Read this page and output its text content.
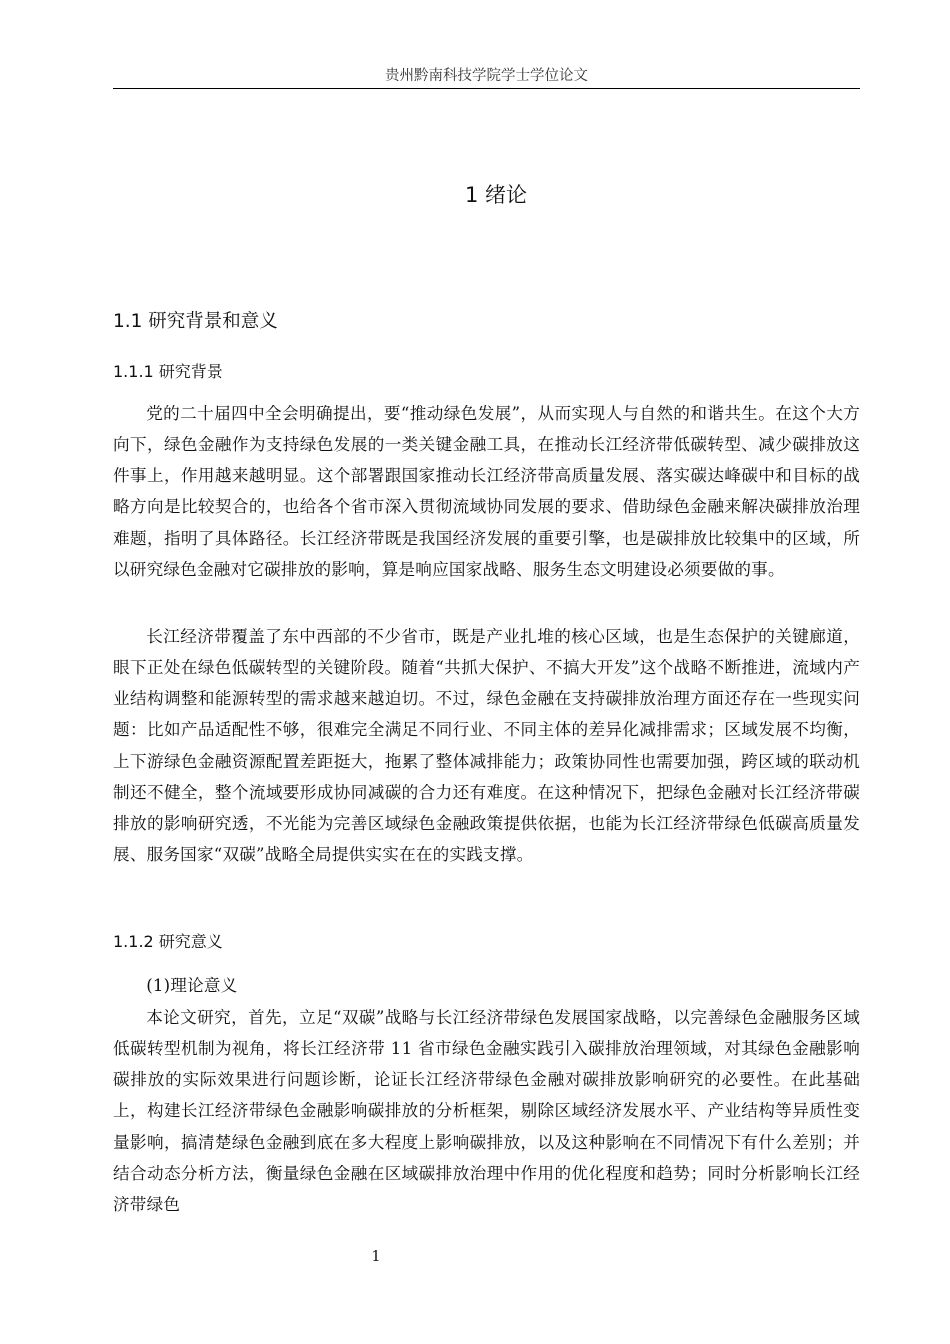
贵州黔南科技学院学士学位论文
1 绪论
1.1 研究背景和意义
1.1.1 研究背景

党的二十届四中全会明确提出，要“推动绿色发展”，从而实现人与自然的和谐共生。在这个大方向下，绿色金融作为支持绿色发展的一类关键金融工具，在推动长江经济带低碳转型、减少碳排放这件事上，作用越来越明显。这个部署跟国家推动长江经济带高质量发展、落实碳达峰碳中和目标的战略方向是比较契合的，也给各个省市深入贯彻流域协同发展的要求、借助绿色金融来解决碳排放治理难题，指明了具体路径。长江经济带既是我国经济发展的重要引擎，也是碳排放比较集中的区域，所以研究绿色金融对它碳排放的影响，算是响应国家战略、服务生态文明建设必须要做的事。

长江经济带覆盖了东中西部的不少省市，既是产业扎堆的核心区域，也是生态保护的关键廊道，眼下正处在绿色低碳转型的关键阶段。随着“共抓大保护、不搞大开发”这个战略不断推进，流域内产业结构调整和能源转型的需求越来越迫切。不过，绿色金融在支持碳排放治理方面还存在一些现实问题：比如产品适配性不够，很难完全满足不同行业、不同主体的差异化减排需求；区域发展不均衡，上下游绿色金融资源配置差距挺大，拖累了整体减排能力；政策协同性也需要加强，跨区域的联动机制还不健全，整个流域要形成协同减碳的合力还有难度。在这种情况下，把绿色金融对长江经济带碳排放的影响研究透，不光能为完善区域绿色金融政策提供依据，也能为长江经济带绿色低碳高质量发展、服务国家“双碳”战略全局提供实实在在的实践支撑。

1.1.2 研究意义

(1)理论意义

本论文研究，首先，立足“双碳”战略与长江经济带绿色发展国家战略，以完善绿色金融服务区域低碳转型机制为视角，将长江经济带 11 省市绿色金融实践引入碳排放治理领域，对其绿色金融影响碳排放的实际效果进行问题诊断，论证长江经济带绿色金融对碳排放影响研究的必要性。在此基础上，构建长江经济带绿色金融影响碳排放的分析框架，剔除区域经济发展水平、产业结构等异质性变量影响，搞清楚绿色金融到底在多大程度上影响碳排放，以及这种影响在不同情况下有什么差别；并结合动态分析方法，衡量绿色金融在区域碳排放治理中作用的优化程度和趋势；同时分析影响长江经济带绿色

1
